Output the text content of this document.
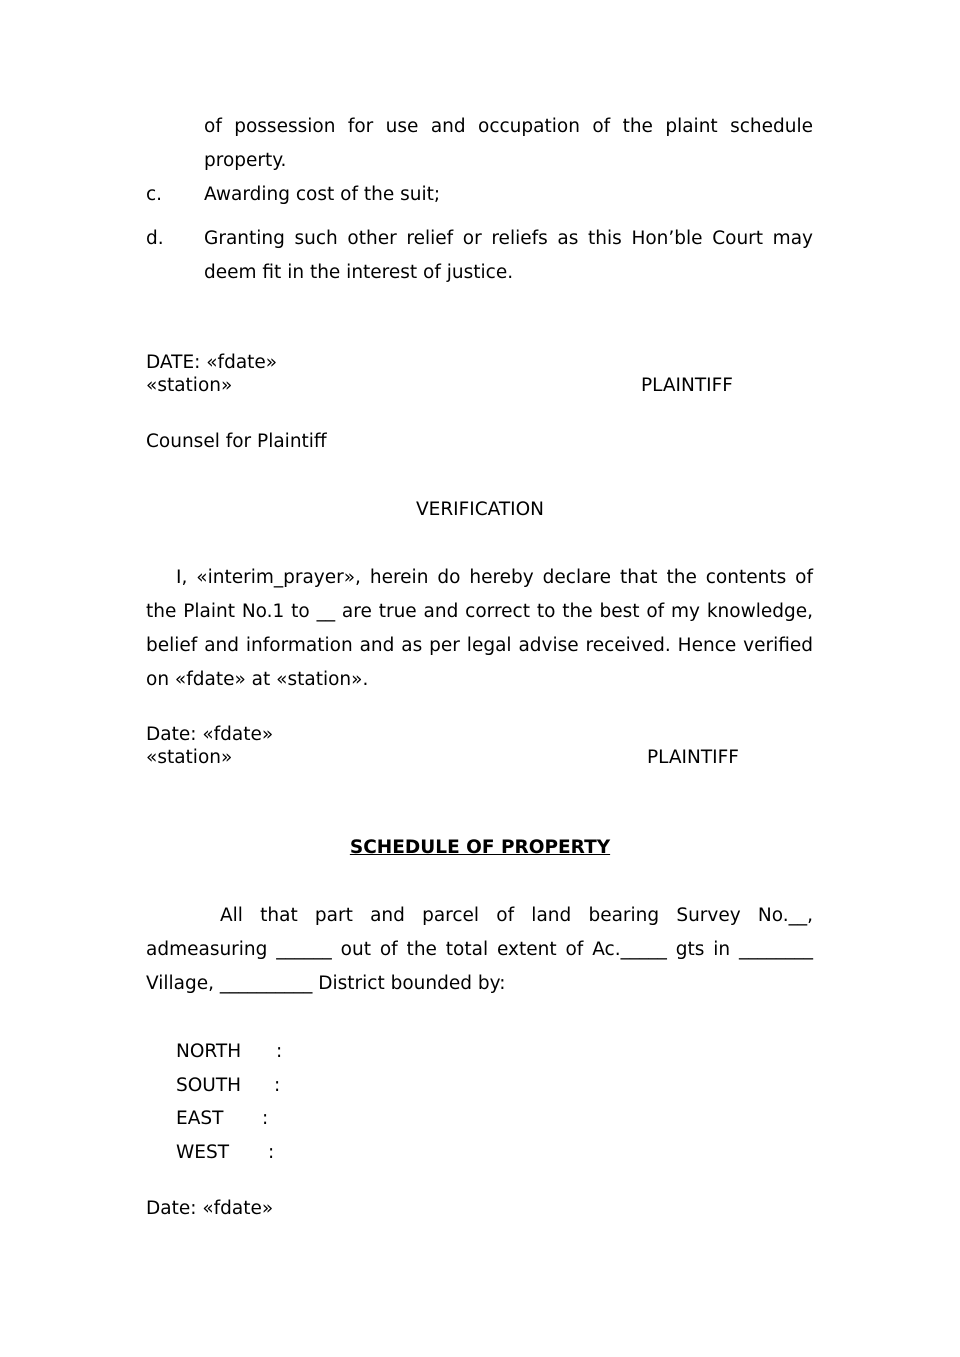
of possession for use and occupation of the plaint schedule property.
c. Awarding cost of the suit;
d. Granting such other relief or reliefs as this Hon’ble Court may deem fit in the interest of justice.
DATE: «fdate»
«station»	PLAINTIFF
Counsel for Plaintiff
VERIFICATION
I, «interim_prayer», herein do hereby declare that the contents of the Plaint No.1 to __ are true and correct to the best of my knowledge, belief and information and as per legal advise received. Hence verified on «fdate» at «station».
Date: «fdate»
«station»	PLAINTIFF
SCHEDULE OF PROPERTY
All that part and parcel of land bearing Survey No.__, admeasuring ______ out of the total extent of Ac._____ gts in ________ Village, __________ District bounded by:
NORTH :
SOUTH :
EAST :
WEST :
Date: «fdate»
